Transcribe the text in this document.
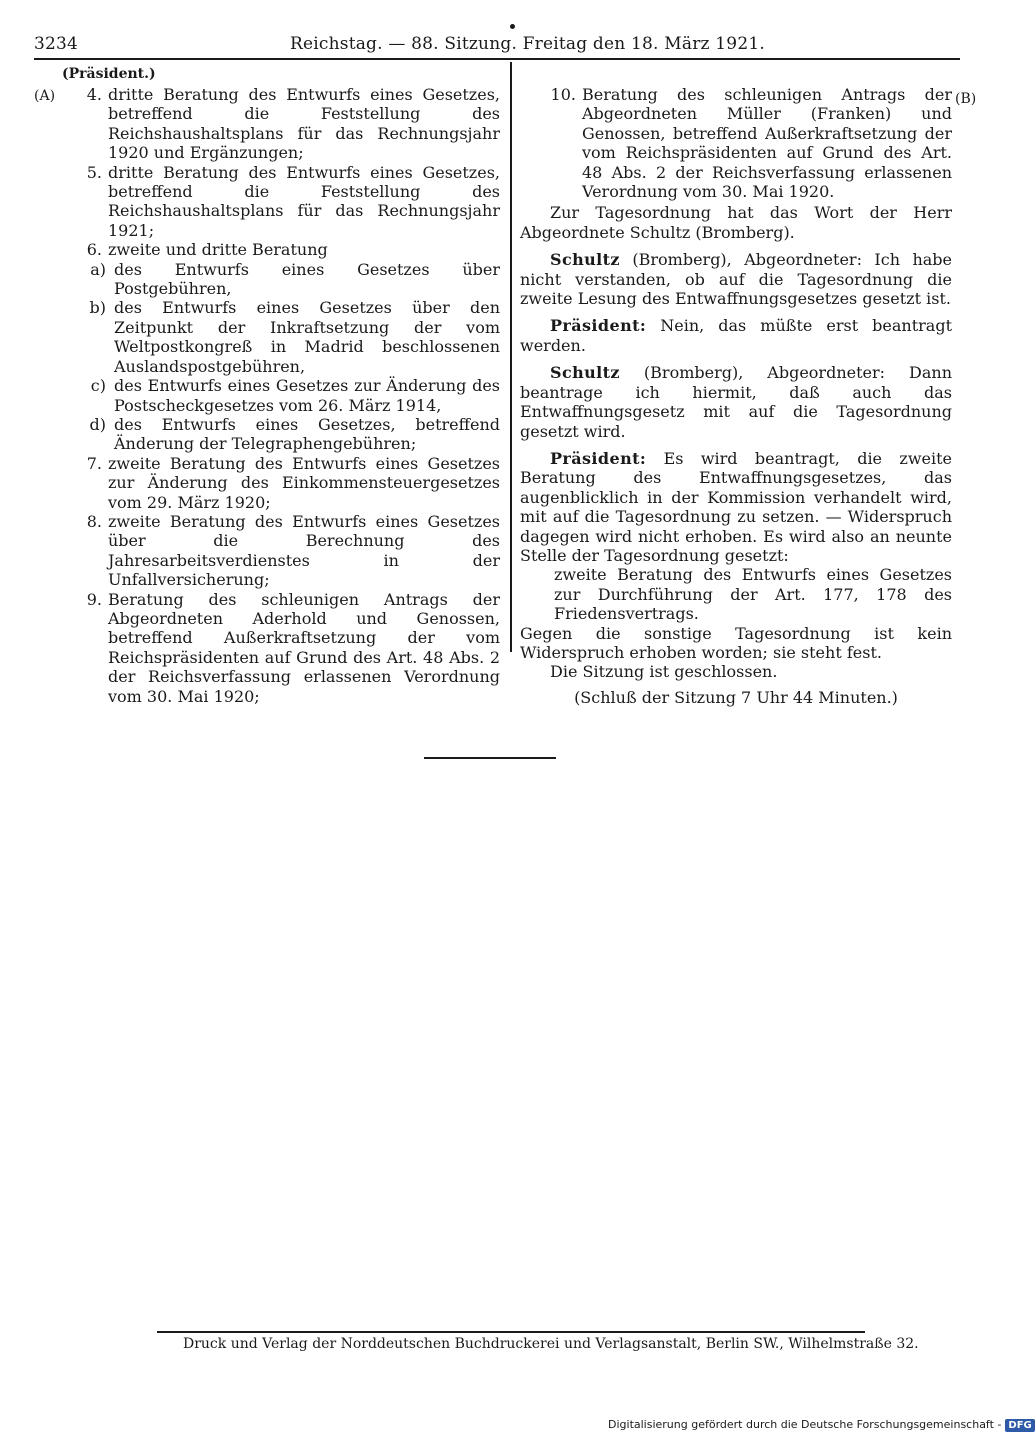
3234	Reichstag. — 88. Sitzung. Freitag den 18. März 1921.
(A)	(B)
(Präsident.)
4. dritte Beratung des Entwurfs eines Gesetzes, betreffend die Feststellung des Reichshaushaltsplans für das Rechnungsjahr 1920 und Ergänzungen;
5. dritte Beratung des Entwurfs eines Gesetzes, betreffend die Feststellung des Reichshaushaltsplans für das Rechnungsjahr 1921;
6. zweite und dritte Beratung
a) des Entwurfs eines Gesetzes über Postgebühren,
b) des Entwurfs eines Gesetzes über den Zeitpunkt der Inkraftsetzung der vom Weltpostkongreß in Madrid beschlossenen Auslandspostgebühren,
c) des Entwurfs eines Gesetzes zur Änderung des Postscheckgesetzes vom 26. März 1914,
d) des Entwurfs eines Gesetzes, betreffend Änderung der Telegraphengebühren;
7. zweite Beratung des Entwurfs eines Gesetzes zur Änderung des Einkommensteuergesetzes vom 29. März 1920;
8. zweite Beratung des Entwurfs eines Gesetzes über die Berechnung des Jahresarbeitsverdienstes in der Unfallversicherung;
9. Beratung des schleunigen Antrags der Abgeordneten Aderhold und Genossen, betreffend Außerkraftsetzung der vom Reichspräsidenten auf Grund des Art. 48 Abs. 2 der Reichsverfassung erlassenen Verordnung vom 30. Mai 1920;
10. Beratung des schleunigen Antrags der Abgeordneten Müller (Franken) und Genossen, betreffend Außerkraftsetzung der vom Reichspräsidenten auf Grund des Art. 48 Abs. 2 der Reichsverfassung erlassenen Verordnung vom 30. Mai 1920.

Zur Tagesordnung hat das Wort der Herr Abgeordnete Schultz (Bromberg).

Schultz (Bromberg), Abgeordneter: Ich habe nicht verstanden, ob auf die Tagesordnung die zweite Lesung des Entwaffnungsgesetzes gesetzt ist.

Präsident: Nein, das müßte erst beantragt werden.

Schultz (Bromberg), Abgeordneter: Dann beantrage ich hiermit, daß auch das Entwaffnungsgesetz mit auf die Tagesordnung gesetzt wird.

Präsident: Es wird beantragt, die zweite Beratung des Entwaffnungsgesetzes, das augenblicklich in der Kommission verhandelt wird, mit auf die Tagesordnung zu setzen. — Widerspruch dagegen wird nicht erhoben. Es wird also an neunte Stelle der Tagesordnung gesetzt:

zweite Beratung des Entwurfs eines Gesetzes zur Durchführung der Art. 177, 178 des Friedensvertrags.

Gegen die sonstige Tagesordnung ist kein Widerspruch erhoben worden; sie steht fest.

Die Sitzung ist geschlossen.

(Schluß der Sitzung 7 Uhr 44 Minuten.)

Druck und Verlag der Norddeutschen Buchdruckerei und Verlagsanstalt, Berlin SW., Wilhelmstraße 32.
Digitalisierung gefördert durch die Deutsche Forschungsgemeinschaft - DFG
